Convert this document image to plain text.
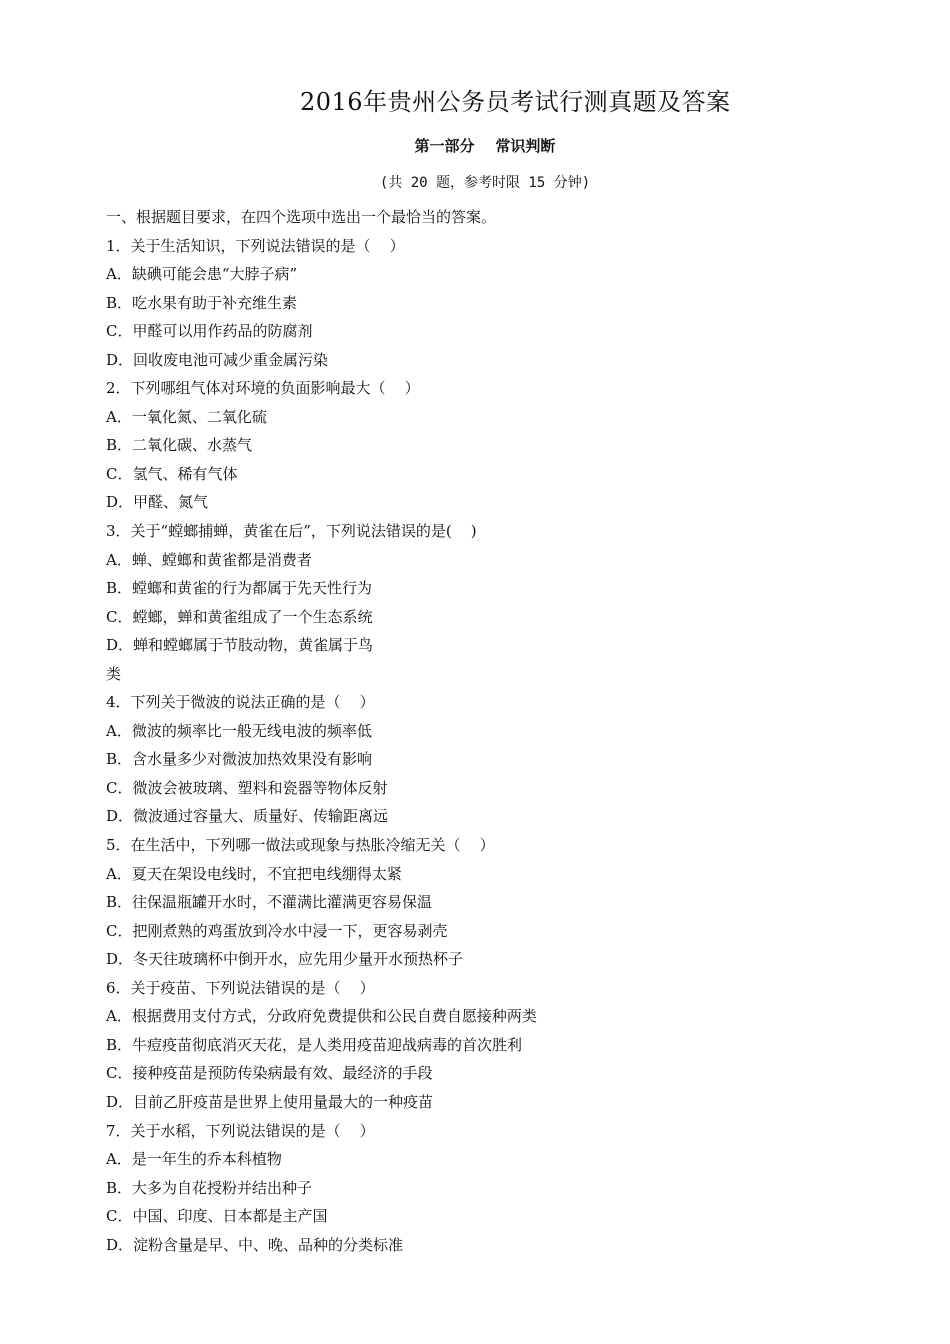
2016年贵州公务员考试行测真题及答案
第一部分    常识判断
(共 20 题，参考时限 15 分钟)
一、根据题目要求，在四个选项中选出一个最恰当的答案。
1．关于生活知识，下列说法错误的是（    ）
A．缺碘可能会患“大脖子病”
B．吃水果有助于补充维生素
C．甲醛可以用作药品的防腐剂
D．回收废电池可减少重金属污染
2．下列哪组气体对环境的负面影响最大（    ）
A．一氧化氮、二氧化硫
B．二氧化碳、水蒸气
C．氢气、稀有气体
D．甲醛、氮气
3．关于“螳螂捕蝉，黄雀在后”，下列说法错误的是(    )
A．蝉、螳螂和黄雀都是消费者
B．螳螂和黄雀的行为都属于先天性行为
C．螳螂，蝉和黄雀组成了一个生态系统
D．蝉和螳螂属于节肢动物，黄雀属于鸟
类
4．下列关于微波的说法正确的是（    ）
A．微波的频率比一般无线电波的频率低
B．含水量多少对微波加热效果没有影响
C．微波会被玻璃、塑料和瓷器等物体反射
D．微波通过容量大、质量好、传输距离远
5．在生活中，下列哪一做法或现象与热胀冷缩无关（    ）
A．夏天在架设电线时，不宜把电线绷得太紧
B．往保温瓶罐开水时，不灌满比灌满更容易保温
C．把刚煮熟的鸡蛋放到冷水中浸一下，更容易剥壳
D．冬天往玻璃杯中倒开水，应先用少量开水预热杯子
6．关于疫苗、下列说法错误的是（    ）
A．根据费用支付方式，分政府免费提供和公民自费自愿接种两类
B．牛痘疫苗彻底消灭天花，是人类用疫苗迎战病毒的首次胜利
C．接种疫苗是预防传染病最有效、最经济的手段
D．目前乙肝疫苗是世界上使用量最大的一种疫苗
7．关于水稻，下列说法错误的是（    ）
A．是一年生的乔本科植物
B．大多为自花授粉并结出种子
C．中国、印度、日本都是主产国
D．淀粉含量是早、中、晚、品种的分类标准
